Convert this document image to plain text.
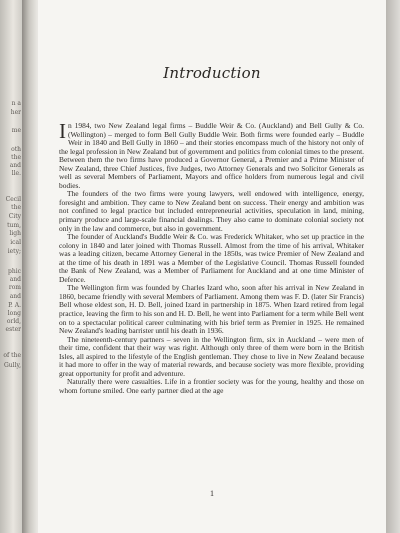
n a
her
me
oth
the
and
lle.
Cecil
the
City
tum,
ligh
ical
iety;
phic
and
rom
and
P. A.
long
orld,
ester
of the
Gully,
Introduction

In 1984, two New Zealand legal firms – Buddle Weir & Co. (Auckland) and Bell Gully & Co. (Wellington) – merged to form Bell Gully Buddle Weir. Both firms were founded early – Buddle Weir in 1840 and Bell Gully in 1860 – and their stories encompass much of the history not only of the legal profession in New Zealand but of government and politics from colonial times to the present. Between them the two firms have produced a Governor General, a Premier and a Prime Minister of New Zealand, three Chief Justices, five Judges, two Attorney Generals and two Solicitor Generals as well as several Members of Parliament, Mayors and office holders from numerous legal and civil bodies.

The founders of the two firms were young lawyers, well endowed with intelligence, energy, foresight and ambition. They came to New Zealand bent on success. Their energy and ambition was not confined to legal practice but included entrepreneurial activities, speculation in land, mining, primary produce and large-scale financial dealings. They also came to dominate colonial society not only in the law and commerce, but also in government.

The founder of Auckland's Buddle Weir & Co. was Frederick Whitaker, who set up practice in the colony in 1840 and later joined with Thomas Russell. Almost from the time of his arrival, Whitaker was a leading citizen, became Attorney General in the 1850s, was twice Premier of New Zealand and at the time of his death in 1891 was a Member of the Legislative Council. Thomas Russell founded the Bank of New Zealand, was a Member of Parliament for Auckland and at one time Minister of Defence.

The Wellington firm was founded by Charles Izard who, soon after his arrival in New Zealand in 1860, became friendly with several Members of Parliament. Among them was F. D. (later Sir Francis) Bell whose eldest son, H. D. Bell, joined Izard in partnership in 1875. When Izard retired from legal practice, leaving the firm to his son and H. D. Bell, he went into Parliament for a term while Bell went on to a spectacular political career culminating with his brief term as Premier in 1925. He remained New Zealand's leading barrister until his death in 1936.

The nineteenth-century partners – seven in the Wellington firm, six in Auckland – were men of their time, confident that their way was right. Although only three of them were born in the British Isles, all aspired to the lifestyle of the English gentleman. They chose to live in New Zealand because it had more to offer in the way of material rewards, and because society was more flexible, providing great opportunity for profit and adventure.

Naturally there were casualties. Life in a frontier society was for the young, healthy and those on whom fortune smiled. One early partner died at the age

1
